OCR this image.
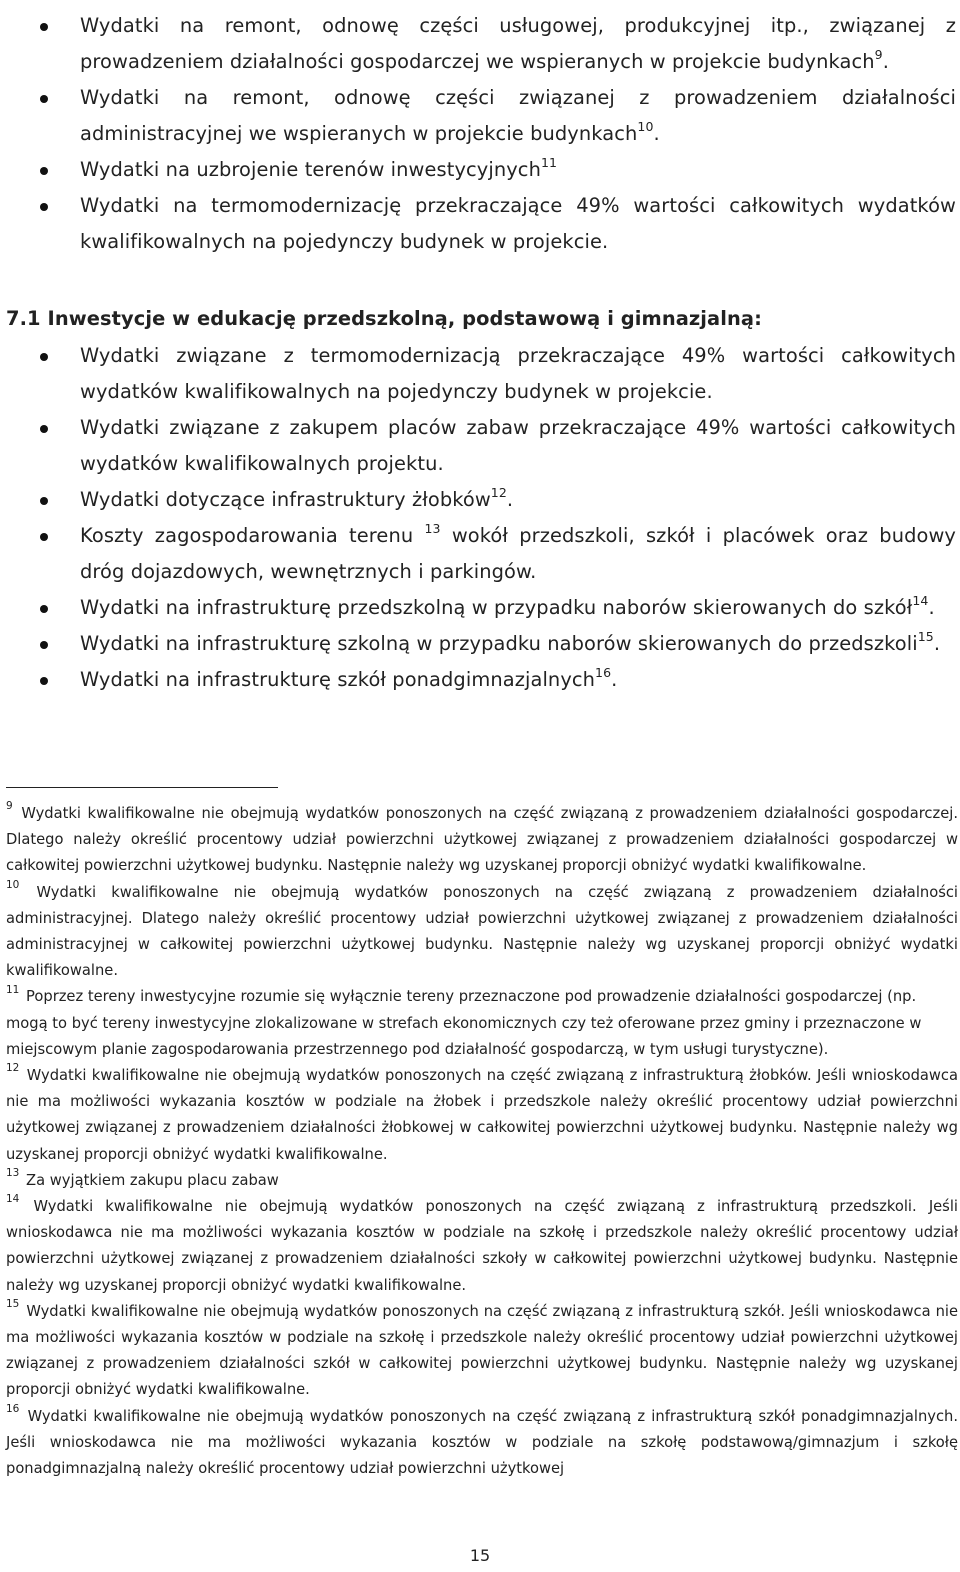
Wydatki na remont, odnowę części usługowej, produkcyjnej itp., związanej z prowadzeniem działalności gospodarczej we wspieranych w projekcie budynkach$^9$.
Wydatki na remont, odnowę części związanej z prowadzeniem działalności administracyjnej we wspieranych w projekcie budynkach$^{10}$.
Wydatki na uzbrojenie terenów inwestycyjnych$^{11}$
Wydatki na termomodernizację przekraczające 49% wartości całkowitych wydatków kwalifikowalnych na pojedynczy budynek w projekcie.
7.1 Inwestycje w edukację przedszkolną, podstawową i gimnazjalną:
Wydatki związane z termomodernizacją przekraczające 49% wartości całkowitych wydatków kwalifikowalnych na pojedynczy budynek w projekcie.
Wydatki związane z zakupem placów zabaw przekraczające 49% wartości całkowitych wydatków kwalifikowalnych projektu.
Wydatki dotyczące infrastruktury żłobków$^{12}$.
Koszty zagospodarowania terenu $^{13}$ wokół przedszkoli, szkół i placówek oraz budowy dróg dojazdowych, wewnętrznych i parkingów.
Wydatki na infrastrukturę przedszkolną w przypadku naborów skierowanych do szkół$^{14}$.
Wydatki na infrastrukturę szkolną w przypadku naborów skierowanych do przedszkoli$^{15}$.
Wydatki na infrastrukturę szkół ponadgimnazjalnych$^{16}$.

$^9$ Wydatki kwalifikowalne nie obejmują wydatków ponoszonych na część związaną z prowadzeniem działalności gospodarczej. Dlatego należy określić procentowy udział powierzchni użytkowej związanej z prowadzeniem działalności gospodarczej w całkowitej powierzchni użytkowej budynku. Następnie należy wg uzyskanej proporcji obniżyć wydatki kwalifikowalne.

$^{10}$ Wydatki kwalifikowalne nie obejmują wydatków ponoszonych na część związaną z prowadzeniem działalności administracyjnej. Dlatego należy określić procentowy udział powierzchni użytkowej związanej z prowadzeniem działalności administracyjnej w całkowitej powierzchni użytkowej budynku. Następnie należy wg uzyskanej proporcji obniżyć wydatki kwalifikowalne.

$^{11}$ Poprzez tereny inwestycyjne rozumie się wyłącznie tereny przeznaczone pod prowadzenie działalności gospodarczej (np. mogą to być tereny inwestycyjne zlokalizowane w strefach ekonomicznych czy też oferowane przez gminy i przeznaczone w miejscowym planie zagospodarowania przestrzennego pod działalność gospodarczą, w tym usługi turystyczne).

$^{12}$ Wydatki kwalifikowalne nie obejmują wydatków ponoszonych na część związaną z infrastrukturą żłobków. Jeśli wnioskodawca nie ma możliwości wykazania kosztów w podziale na żłobek i przedszkole należy określić procentowy udział powierzchni użytkowej związanej z prowadzeniem działalności żłobkowej w całkowitej powierzchni użytkowej budynku. Następnie należy wg uzyskanej proporcji obniżyć wydatki kwalifikowalne.

$^{13}$ Za wyjątkiem zakupu placu zabaw

$^{14}$ Wydatki kwalifikowalne nie obejmują wydatków ponoszonych na część związaną z infrastrukturą przedszkoli. Jeśli wnioskodawca nie ma możliwości wykazania kosztów w podziale na szkołę i przedszkole należy określić procentowy udział powierzchni użytkowej związanej z prowadzeniem działalności szkoły w całkowitej powierzchni użytkowej budynku. Następnie należy wg uzyskanej proporcji obniżyć wydatki kwalifikowalne.

$^{15}$ Wydatki kwalifikowalne nie obejmują wydatków ponoszonych na część związaną z infrastrukturą szkół. Jeśli wnioskodawca nie ma możliwości wykazania kosztów w podziale na szkołę i przedszkole należy określić procentowy udział powierzchni użytkowej związanej z prowadzeniem działalności szkół w całkowitej powierzchni użytkowej budynku. Następnie należy wg uzyskanej proporcji obniżyć wydatki kwalifikowalne.

$^{16}$ Wydatki kwalifikowalne nie obejmują wydatków ponoszonych na część związaną z infrastrukturą szkół ponadgimnazjalnych. Jeśli wnioskodawca nie ma możliwości wykazania kosztów w podziale na szkołę podstawową/gimnazjum i szkołę ponadgimnazjalną należy określić procentowy udział powierzchni użytkowej

15
